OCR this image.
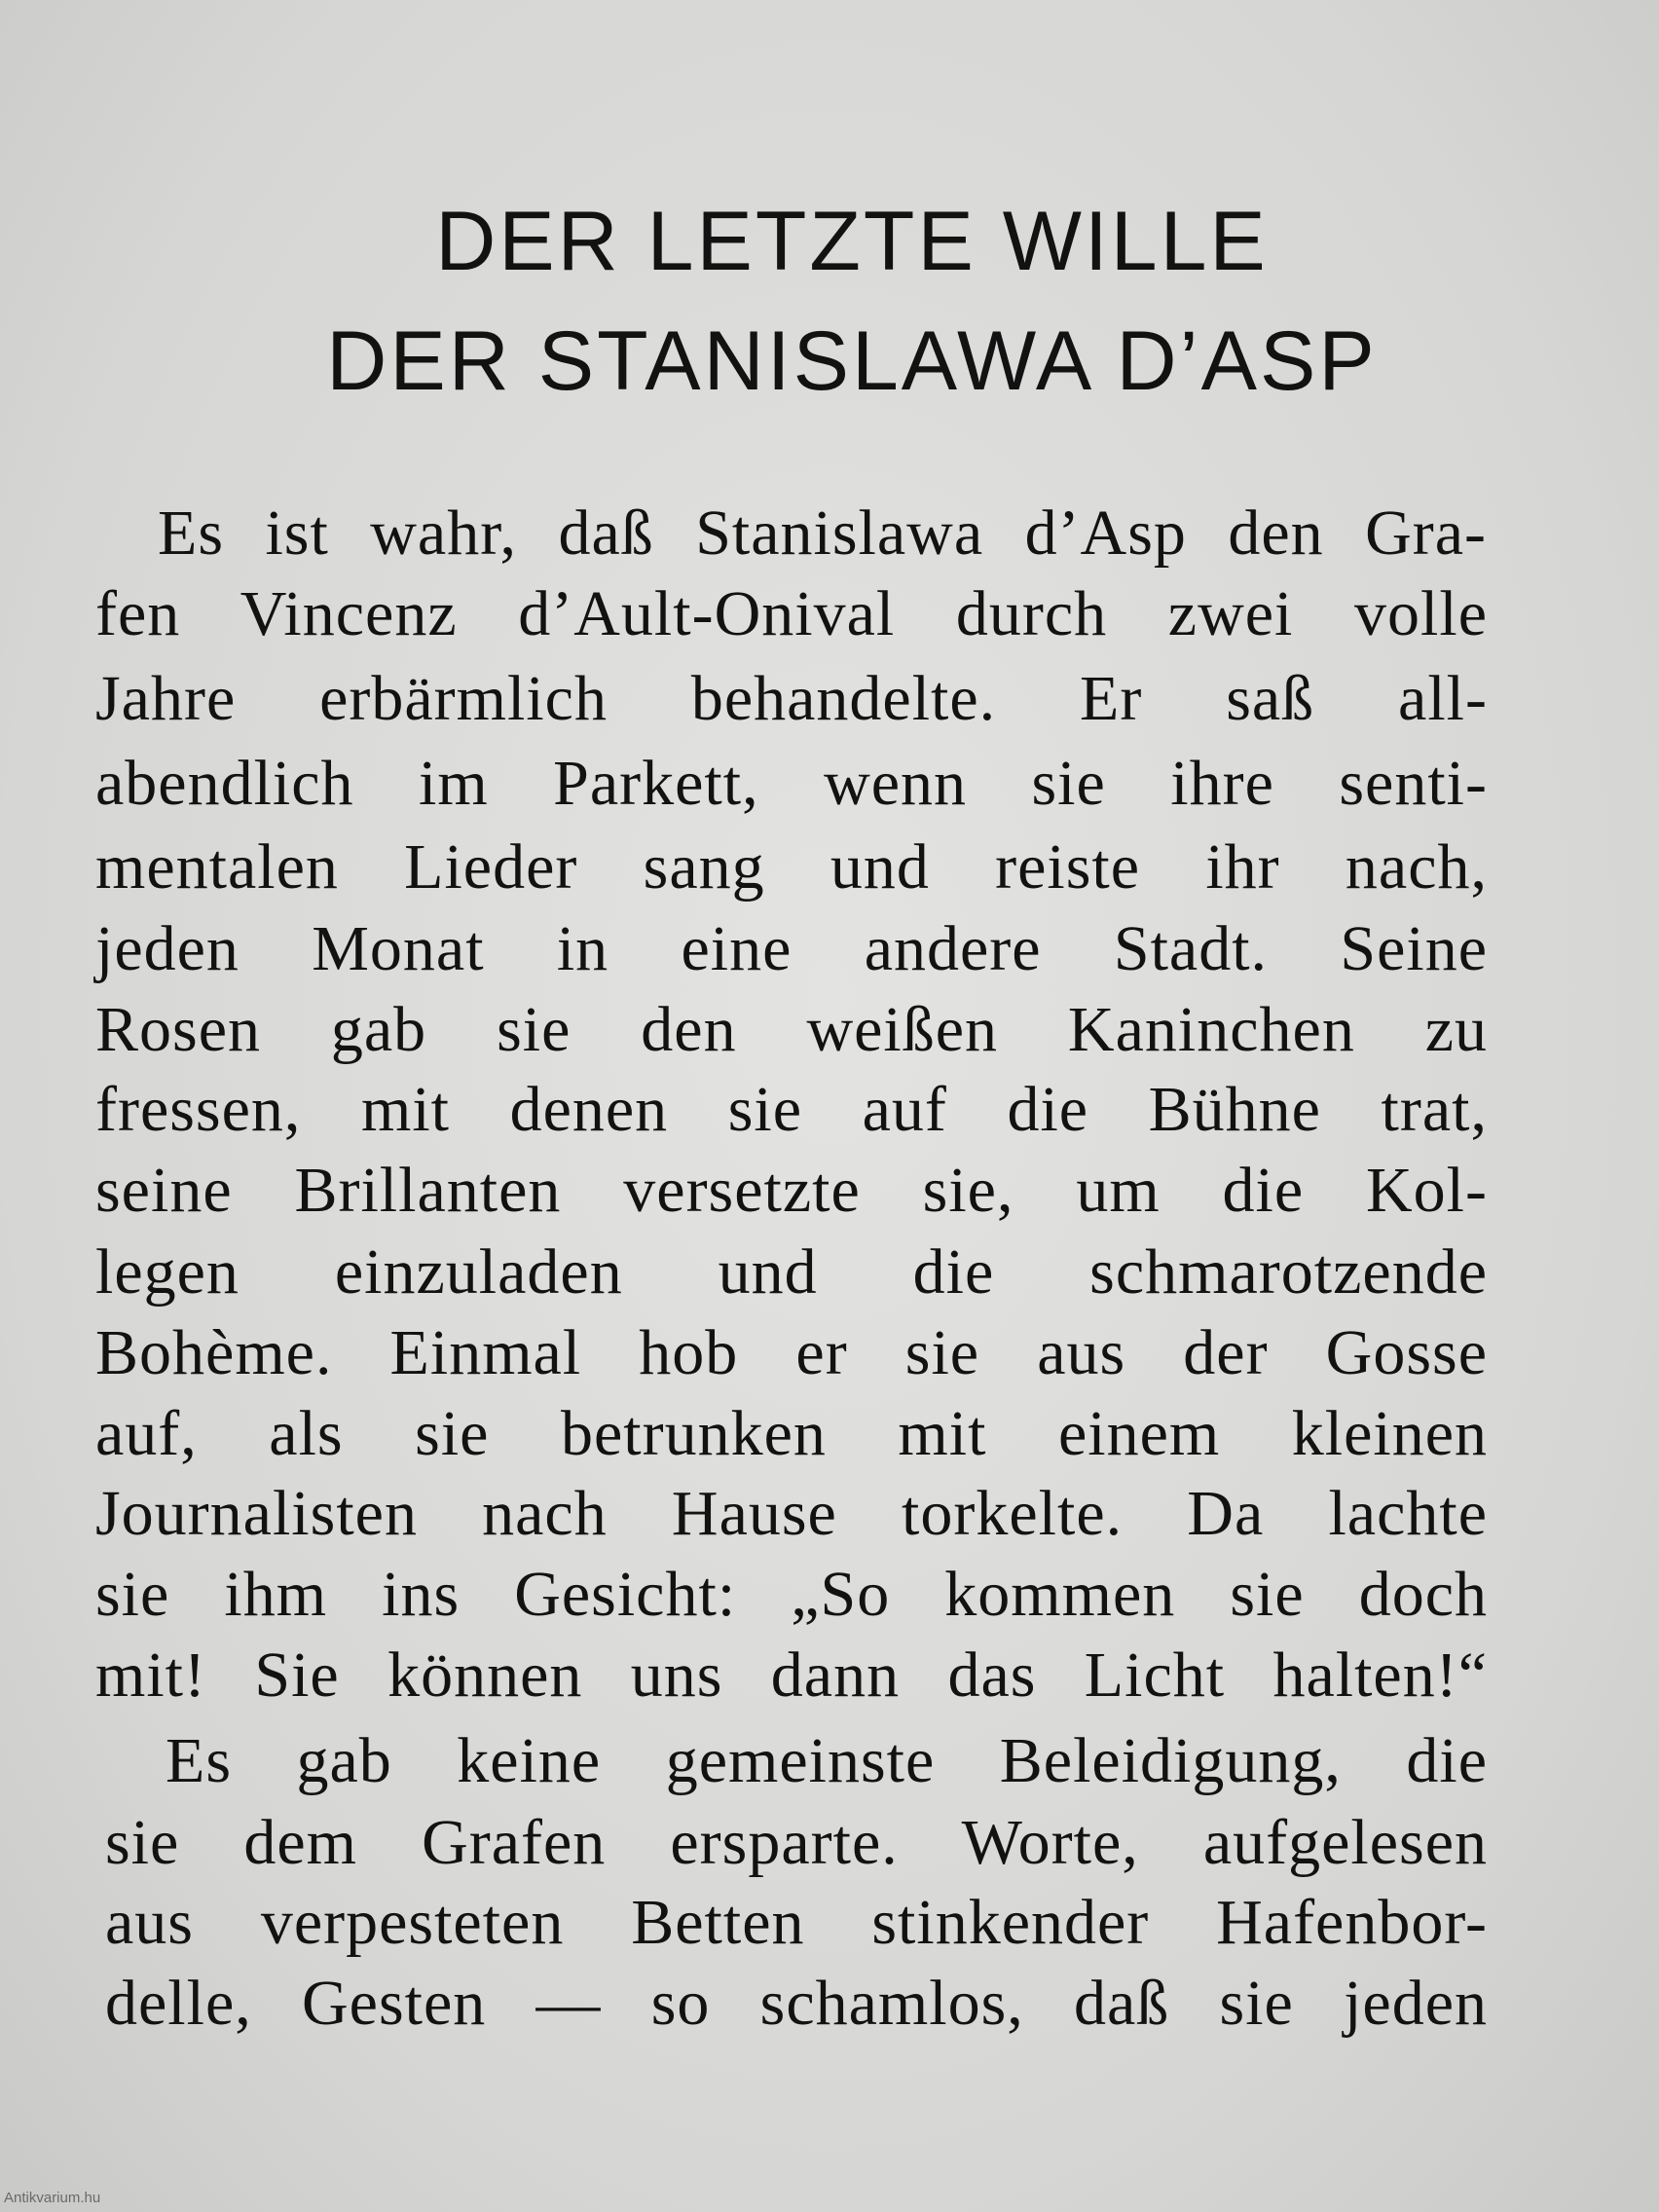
DER LETZTE WILLE
DER STANISLAWA D’ASP

Es ist wahr, daß Stanislawa d’Asp den Gra-

fen Vincenz d’Ault-Onival durch zwei volle

Jahre erbärmlich behandelte. Er saß all-

abendlich im Parkett, wenn sie ihre senti-

mentalen Lieder sang und reiste ihr nach,

jeden Monat in eine andere Stadt. Seine

Rosen gab sie den weißen Kaninchen zu

fressen, mit denen sie auf die Bühne trat,

seine Brillanten versetzte sie, um die Kol-

legen einzuladen und die schmarotzende

Bohème. Einmal hob er sie aus der Gosse

auf, als sie betrunken mit einem kleinen

Journalisten nach Hause torkelte. Da lachte

sie ihm ins Gesicht: „So kommen sie doch

mit! Sie können uns dann das Licht halten!“

Es gab keine gemeinste Beleidigung, die

sie dem Grafen ersparte. Worte, aufgelesen

aus verpesteten Betten stinkender Hafenbor-

delle, Gesten — so schamlos, daß sie jeden

Antikvarium.hu
